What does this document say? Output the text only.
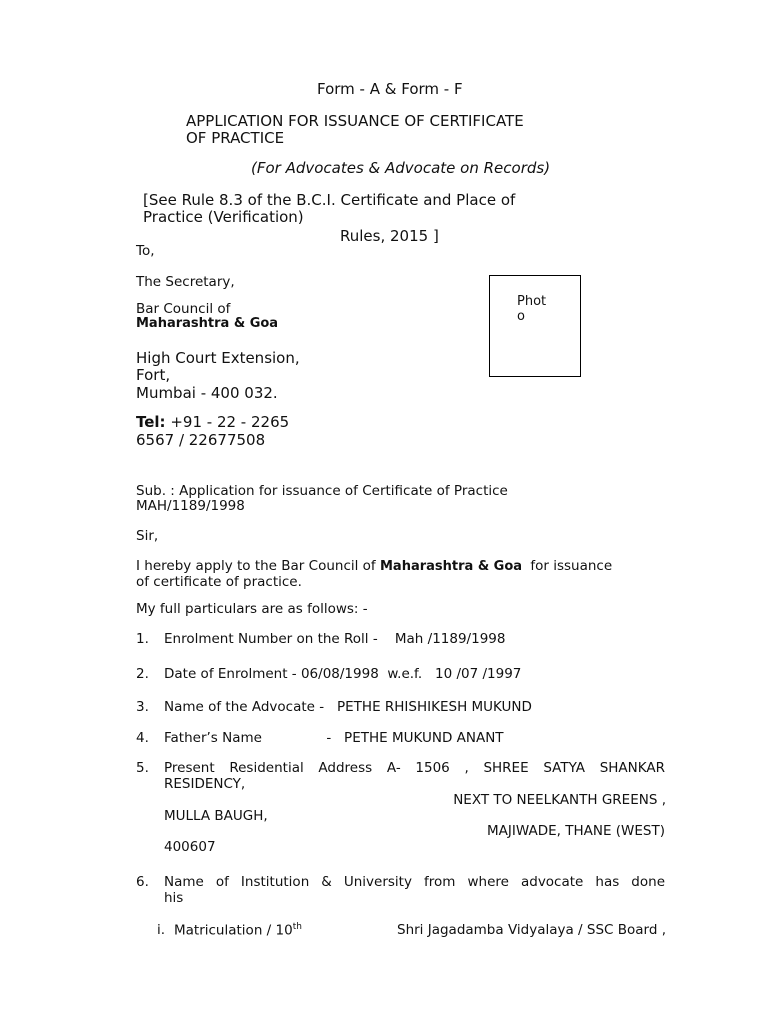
Form - A & Form - F
APPLICATION FOR ISSUANCE OF CERTIFICATE
OF PRACTICE
(For Advocates & Advocate on Records)
[See Rule 8.3 of the B.C.I. Certificate and Place of
Practice (Verification)
Rules, 2015 ]
To,
The Secretary,
Bar Council of
Maharashtra & Goa
High Court Extension,
Fort,
Mumbai - 400 032.
Tel: +91 - 22 - 2265
6567 / 22677508
Phot
o
Sub. : Application for issuance of Certificate of Practice
MAH/1189/1998
Sir,
I hereby apply to the Bar Council of Maharashtra & Goa for issuance
of certificate of practice.
My full particulars are as follows: -
1. Enrolment Number on the Roll -    Mah /1189/1998
2. Date of Enrolment - 06/08/1998  w.e.f.   10 /07 /1997
3. Name of the Advocate -   PETHE RHISHIKESH MUKUND
4. Father’s Name               -   PETHE MUKUND ANANT
5. Present Residential Address A- 1506 , SHREE SATYA SHANKAR
RESIDENCY,
NEXT TO NEELKANTH GREENS ,
MULLA BAUGH,
MAJIWADE, THANE (WEST)
400607
6. Name of Institution & University from where advocate has done
his
i. Matriculation / 10th	Shri Jagadamba Vidyalaya / SSC Board ,
